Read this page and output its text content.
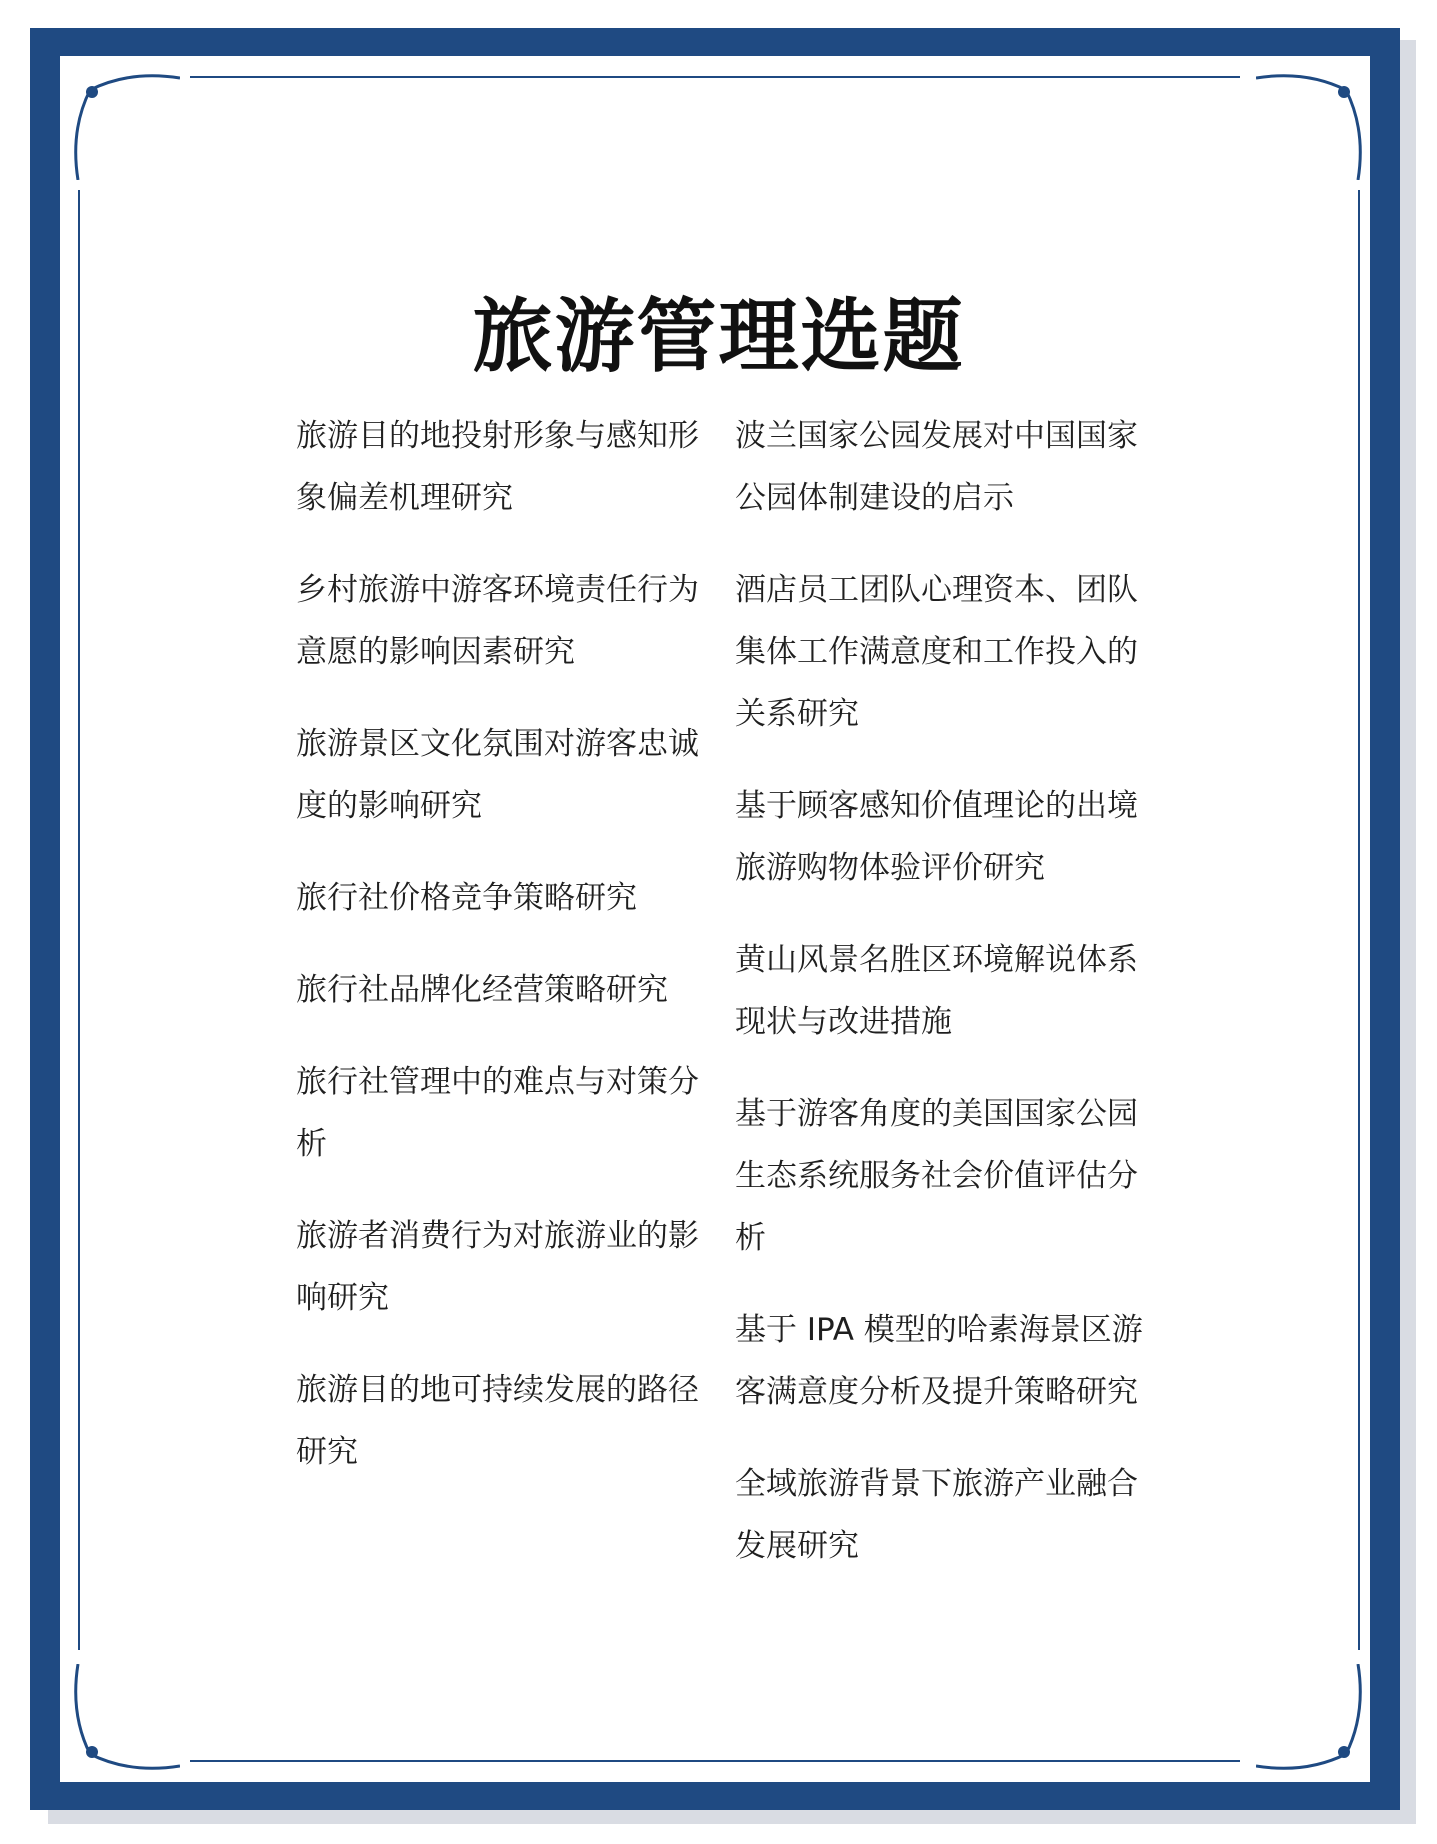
旅游管理选题
旅游目的地投射形象与感知形象偏差机理研究
乡村旅游中游客环境责任行为意愿的影响因素研究
旅游景区文化氛围对游客忠诚度的影响研究
旅行社价格竞争策略研究
旅行社品牌化经营策略研究
旅行社管理中的难点与对策分析
旅游者消费行为对旅游业的影响研究
旅游目的地可持续发展的路径研究
波兰国家公园发展对中国国家公园体制建设的启示
酒店员工团队心理资本、团队集体工作满意度和工作投入的关系研究
基于顾客感知价值理论的出境旅游购物体验评价研究
黄山风景名胜区环境解说体系现状与改进措施
基于游客角度的美国国家公园生态系统服务社会价值评估分析
基于 IPA 模型的哈素海景区游客满意度分析及提升策略研究
全域旅游背景下旅游产业融合发展研究
